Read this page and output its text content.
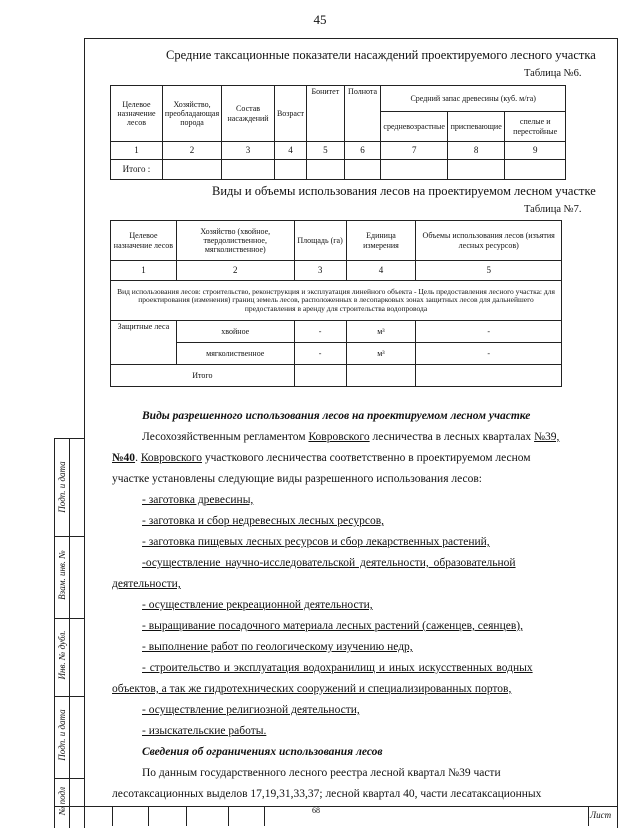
45
Подп. и дата
Взам. инв. №
Инв. № дубл.
Подп. и дата
№ подл
Средние таксационные показатели насаждений проектируемого лесного участка
Таблица №6.
Целевое назначение лесов	Хозяйство, преобладающая порода	Состав насаждений	Возраст	Бонитет	Полнота	Средний запас древесины (куб. м/га)		
						средневозрастные	приспевающие	спелые и перестойные
1	2	3	4	5	6	7	8	9
Итого :								
Виды и объемы использования лесов на проектируемом лесном участке
Таблица №7.
Целевое назначение лесов	Хозяйство (хвойное, твердолиственное, мягколиственное)	Площадь (га)	Единица измерения	Объемы использования лесов (изъятия лесных ресурсов)
1	2	3	4	5
Вид использования лесов: строительство, реконструкция и эксплуатация линейного объекта - Цель предоставления лесного участка: для проектирования (изменения) границ земель лесов, расположенных в лесопарковых зонах защитных лесов для дальнейшего предоставления в аренду для строительства водопровода				
Защитные леса	хвойное	-	м³	-
	мягколиственное	-	м³	-
Итого				
Виды разрешенного использования лесов на проектируемом лесном участке
Лесохозяйственным регламентом Ковровского лесничества в лесных кварталах №39,
№40. Ковровского участкового лесничества соответственно в проектируемом лесном
участке установлены следующие виды разрешенного использования лесов:
- заготовка древесины,
- заготовка и сбор недревесных лесных ресурсов,
- заготовка пищевых лесных ресурсов и сбор лекарственных растений,
-осуществление научно-исследовательской деятельности, образовательной
деятельности,
- осуществление рекреационной деятельности,
- выращивание посадочного материала лесных растений (саженцев, сеянцев),
- выполнение работ по геологическому изучению недр,
- строительство и эксплуатация водохранилищ и иных искусственных водных
объектов, а так же гидротехнических сооружений и специализированных портов,
- осуществление религиозной деятельности,
- изыскательские работы.
Сведения об ограничениях использования лесов
По данным государственного лесного реестра лесной квартал №39 части
лесотаксационных выделов 17,19,31,33,37; лесной квартал 40, части лесатаксационных
68	Лист
